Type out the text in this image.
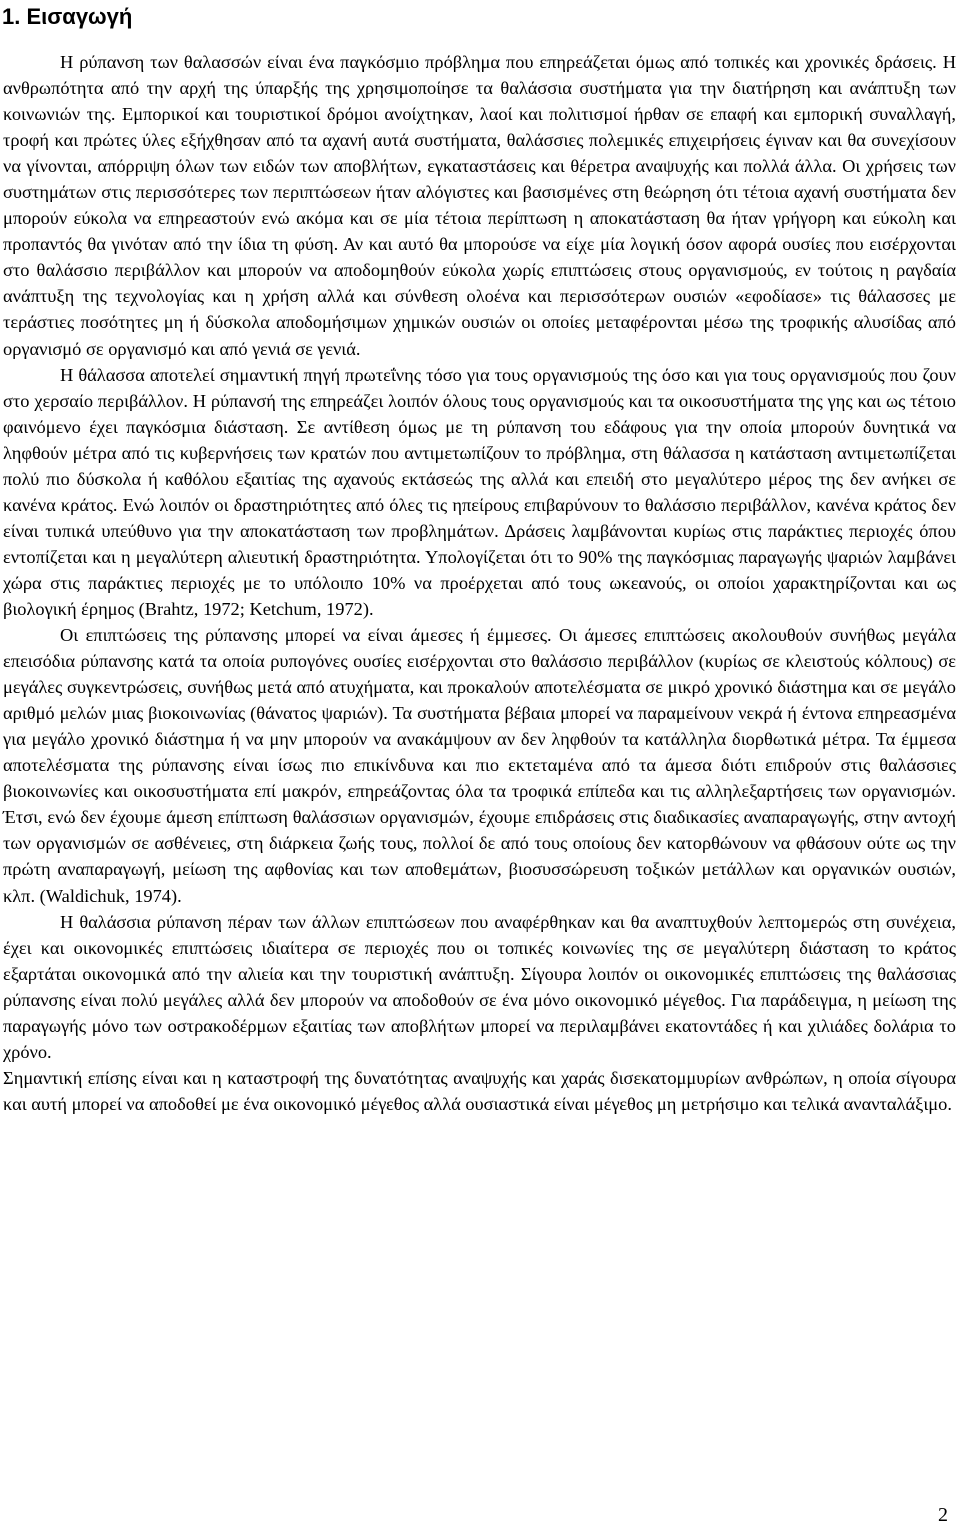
1. Εισαγωγή

Η ρύπανση των θαλασσών είναι ένα παγκόσμιο πρόβλημα που επηρεάζεται όμως από τοπικές και χρονικές δράσεις. Η ανθρωπότητα από την αρχή της ύπαρξής της χρησιμοποίησε τα θαλάσσια συστήματα για την διατήρηση και ανάπτυξη των κοινωνιών της. Εμπορικοί και τουριστικοί δρόμοι ανοίχτηκαν, λαοί και πολιτισμοί ήρθαν σε επαφή και εμπορική συναλλαγή, τροφή και πρώτες ύλες εξήχθησαν από τα αχανή αυτά συστήματα, θαλάσσιες πολεμικές επιχειρήσεις έγιναν και θα συνεχίσουν να γίνονται, απόρριψη όλων των ειδών των αποβλήτων, εγκαταστάσεις και θέρετρα αναψυχής και πολλά άλλα. Οι χρήσεις των συστημάτων στις περισσότερες των περιπτώσεων ήταν αλόγιστες και βασισμένες στη θεώρηση ότι τέτοια αχανή συστήματα δεν μπορούν εύκολα να επηρεαστούν ενώ ακόμα και σε μία τέτοια περίπτωση η αποκατάσταση θα ήταν γρήγορη και εύκολη και προπαντός θα γινόταν από την ίδια τη φύση. Αν και αυτό θα μπορούσε να είχε μία λογική όσον αφορά ουσίες που εισέρχονται στο θαλάσσιο περιβάλλον και μπορούν να αποδομηθούν εύκολα χωρίς επιπτώσεις στους οργανισμούς, εν τούτοις η ραγδαία ανάπτυξη της τεχνολογίας και η χρήση αλλά και σύνθεση ολοένα και περισσότερων ουσιών «εφοδίασε» τις θάλασσες με τεράστιες ποσότητες μη ή δύσκολα αποδομήσιμων χημικών ουσιών οι οποίες μεταφέρονται μέσω της τροφικής αλυσίδας από οργανισμό σε οργανισμό και από γενιά σε γενιά.

Η θάλασσα αποτελεί σημαντική πηγή πρωτεΐνης τόσο για τους οργανισμούς της όσο και για τους οργανισμούς που ζουν στο χερσαίο περιβάλλον. Η ρύπανσή της επηρεάζει λοιπόν όλους τους οργανισμούς και τα οικοσυστήματα της γης και ως τέτοιο φαινόμενο έχει παγκόσμια διάσταση. Σε αντίθεση όμως με τη ρύπανση του εδάφους για την οποία μπορούν δυνητικά να ληφθούν μέτρα από τις κυβερνήσεις των κρατών που αντιμετωπίζουν το πρόβλημα, στη θάλασσα η κατάσταση αντιμετωπίζεται πολύ πιο δύσκολα ή καθόλου εξαιτίας της αχανούς εκτάσεώς της αλλά και επειδή στο μεγαλύτερο μέρος της δεν ανήκει σε κανένα κράτος. Ενώ λοιπόν οι δραστηριότητες από όλες τις ηπείρους επιβαρύνουν το θαλάσσιο περιβάλλον, κανένα κράτος δεν είναι τυπικά υπεύθυνο για την αποκατάσταση των προβλημάτων. Δράσεις λαμβάνονται κυρίως στις παράκτιες περιοχές όπου εντοπίζεται και η μεγαλύτερη αλιευτική δραστηριότητα. Υπολογίζεται ότι το 90% της παγκόσμιας παραγωγής ψαριών λαμβάνει χώρα στις παράκτιες περιοχές με το υπόλοιπο 10% να προέρχεται από τους ωκεανούς, οι οποίοι χαρακτηρίζονται και ως βιολογική έρημος (Brahtz, 1972; Ketchum, 1972).

Οι επιπτώσεις της ρύπανσης μπορεί να είναι άμεσες ή έμμεσες. Οι άμεσες επιπτώσεις ακολουθούν συνήθως μεγάλα επεισόδια ρύπανσης κατά τα οποία ρυπογόνες ουσίες εισέρχονται στο θαλάσσιο περιβάλλον (κυρίως σε κλειστούς κόλπους) σε μεγάλες συγκεντρώσεις, συνήθως μετά από ατυχήματα, και προκαλούν αποτελέσματα σε μικρό χρονικό διάστημα και σε μεγάλο αριθμό μελών μιας βιοκοινωνίας (θάνατος ψαριών). Τα συστήματα βέβαια μπορεί να παραμείνουν νεκρά ή έντονα επηρεασμένα για μεγάλο χρονικό διάστημα ή να μην μπορούν να ανακάμψουν αν δεν ληφθούν τα κατάλληλα διορθωτικά μέτρα. Τα έμμεσα αποτελέσματα της ρύπανσης είναι ίσως πιο επικίνδυνα και πιο εκτεταμένα από τα άμεσα διότι επιδρούν στις θαλάσσιες βιοκοινωνίες και οικοσυστήματα επί μακρόν, επηρεάζοντας όλα τα τροφικά επίπεδα και τις αλληλεξαρτήσεις των οργανισμών. Έτσι, ενώ δεν έχουμε άμεση επίπτωση θαλάσσιων οργανισμών, έχουμε επιδράσεις στις διαδικασίες αναπαραγωγής, στην αντοχή των οργανισμών σε ασθένειες, στη διάρκεια ζωής τους, πολλοί δε από τους οποίους δεν κατορθώνουν να φθάσουν ούτε ως την πρώτη αναπαραγωγή, μείωση της αφθονίας και των αποθεμάτων, βιοσυσσώρευση τοξικών μετάλλων και οργανικών ουσιών, κλπ. (Waldichuk, 1974).

Η θαλάσσια ρύπανση πέραν των άλλων επιπτώσεων που αναφέρθηκαν και θα αναπτυχθούν λεπτομερώς στη συνέχεια, έχει και οικονομικές επιπτώσεις ιδιαίτερα σε περιοχές που οι τοπικές κοινωνίες της σε μεγαλύτερη διάσταση το κράτος εξαρτάται οικονομικά από την αλιεία και την τουριστική ανάπτυξη. Σίγουρα λοιπόν οι οικονομικές επιπτώσεις της θαλάσσιας ρύπανσης είναι πολύ μεγάλες αλλά δεν μπορούν να αποδοθούν σε ένα μόνο οικονομικό μέγεθος. Για παράδειγμα, η μείωση της παραγωγής μόνο των οστρακοδέρμων εξαιτίας των αποβλήτων μπορεί να περιλαμβάνει εκατοντάδες ή και χιλιάδες δολάρια το χρόνο.

Σημαντική επίσης είναι και η καταστροφή της δυνατότητας αναψυχής και χαράς δισεκατομμυρίων ανθρώπων, η οποία σίγουρα και αυτή μπορεί να αποδοθεί με ένα οικονομικό μέγεθος αλλά ουσιαστικά είναι μέγεθος μη μετρήσιμο και τελικά ανανταλάξιμο.

2
